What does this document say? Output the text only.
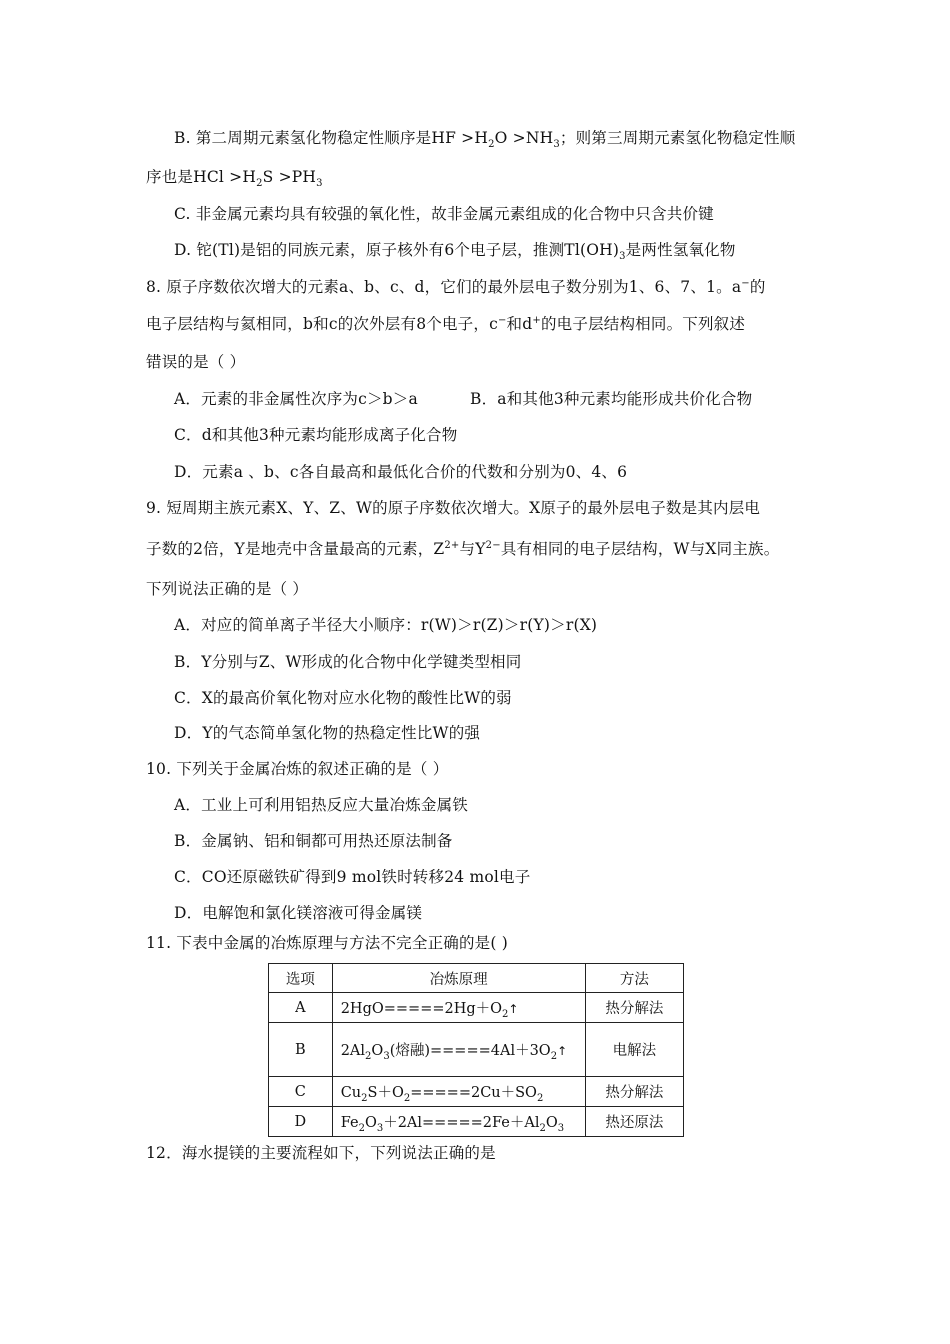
B. 第二周期元素氢化物稳定性顺序是HF $>H_2O >NH_3$；则第三周期元素氢化物稳定性顺
序也是HCl $>H_2S >PH_3$
C. 非金属元素均具有较强的氧化性，故非金属元素组成的化合物中只含共价键
D. 铊(Tl)是铝的同族元素，原子核外有6个电子层，推测$Tl(OH)_3$是两性氢氧化物
8. 原子序数依次增大的元素a、b、c、d，它们的最外层电子数分别为1、6、7、1。a−的
电子层结构与氦相同，b和c的次外层有8个电子，c−和d+的电子层结构相同。下列叙述
错误的是（ ）
A．元素的非金属性次序为c＞b＞a	B．a和其他3种元素均能形成共价化合物
C．d和其他3种元素均能形成离子化合物
D．元素a 、b、c各自最高和最低化合价的代数和分别为0、4、6
9. 短周期主族元素X、Y、Z、W的原子序数依次增大。X原子的最外层电子数是其内层电
子数的2倍，Y是地壳中含量最高的元素，$Z^{2+}$与$Y^{2-}$具有相同的电子层结构，W与X同主族。
下列说法正确的是（ ）
A．对应的简单离子半径大小顺序：r(W)＞r(Z)＞r(Y)＞r(X)
B．Y分别与Z、W形成的化合物中化学键类型相同
C．X的最高价氧化物对应水化物的酸性比W的弱
D．Y的气态简单氢化物的热稳定性比W的强
10. 下列关于金属冶炼的叙述正确的是（ ）
A．工业上可利用铝热反应大量冶炼金属铁
B．金属钠、铝和铜都可用热还原法制备
C．CO还原磁铁矿得到9 mol铁时转移24 mol电子
D．电解饱和氯化镁溶液可得金属镁
11. 下表中金属的冶炼原理与方法不完全正确的是( )
选项	冶炼原理	方法
A	$2HgO=====2Hg+O_2↑$	热分解法
B	$2Al_2O_3$(熔融)$=====4Al+3O_2↑$	电解法
C	$Cu_2S+O_2=====2Cu+SO_2$	热分解法
D	$Fe_2O_3+2Al=====2Fe+Al_2O_3$	热还原法
12．海水提镁的主要流程如下，下列说法正确的是
